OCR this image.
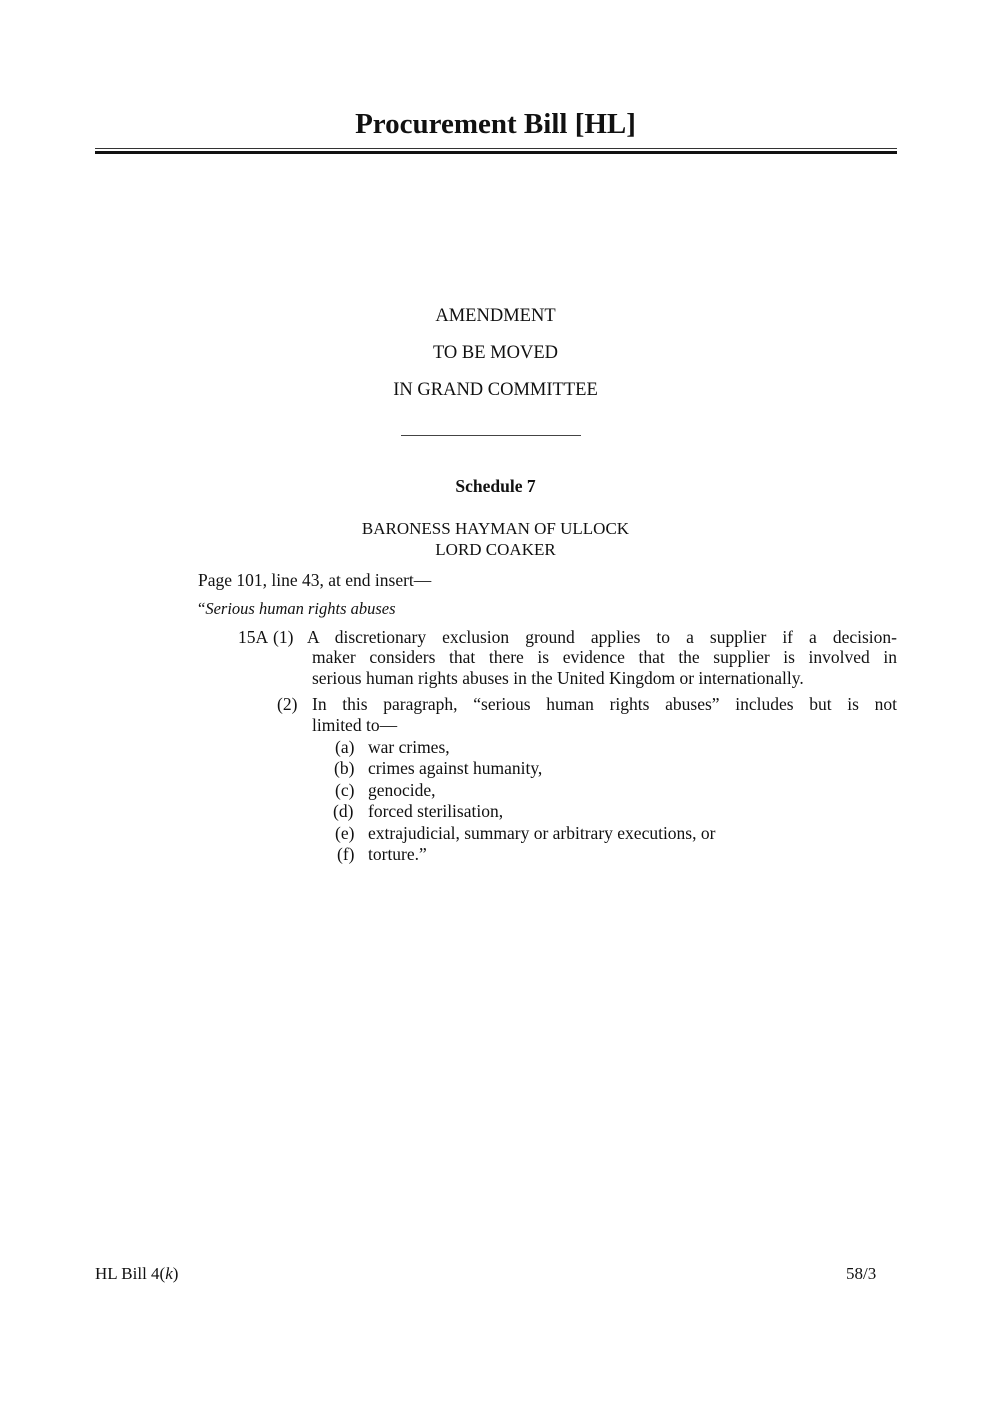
Procurement Bill [HL]
AMENDMENT
TO BE MOVED
IN GRAND COMMITTEE
Schedule 7
BARONESS HAYMAN OF ULLOCK
LORD COAKER
Page 101, line 43, at end insert—
“Serious human rights abuses
15A (1) A discretionary exclusion ground applies to a supplier if a decision-
maker considers that there is evidence that the supplier is involved in
serious human rights abuses in the United Kingdom or internationally.
(2) In this paragraph, “serious human rights abuses” includes but is not
limited to—
(a) war crimes,
(b) crimes against humanity,
(c) genocide,
(d) forced sterilisation,
(e) extrajudicial, summary or arbitrary executions, or
(f) torture.”
HL Bill 4(k)	58/3
